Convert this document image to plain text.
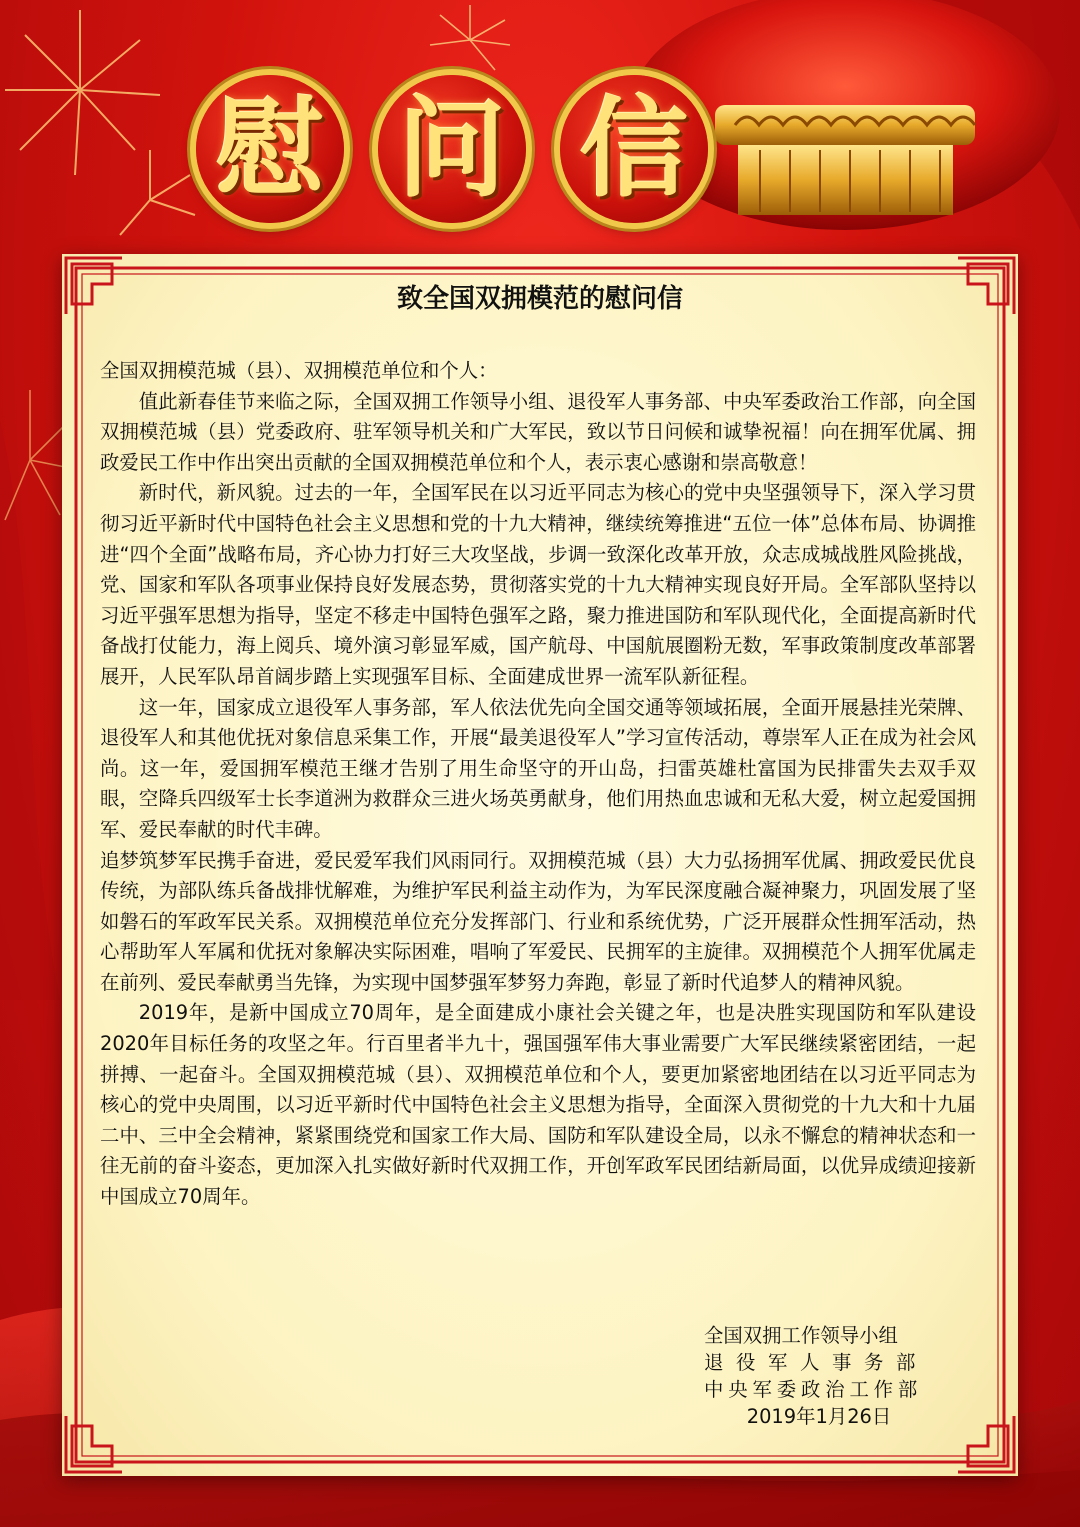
慰 问 信
致全国双拥模范的慰问信

全国双拥模范城（县）、双拥模范单位和个人：

值此新春佳节来临之际，全国双拥工作领导小组、退役军人事务部、中央军委政治工作部，向全国双拥模范城（县）党委政府、驻军领导机关和广大军民，致以节日问候和诚挚祝福！向在拥军优属、拥政爱民工作中作出突出贡献的全国双拥模范单位和个人，表示衷心感谢和崇高敬意！

新时代，新风貌。过去的一年，全国军民在以习近平同志为核心的党中央坚强领导下，深入学习贯彻习近平新时代中国特色社会主义思想和党的十九大精神，继续统筹推进“五位一体”总体布局、协调推进“四个全面”战略布局，齐心协力打好三大攻坚战，步调一致深化改革开放，众志成城战胜风险挑战，党、国家和军队各项事业保持良好发展态势，贯彻落实党的十九大精神实现良好开局。全军部队坚持以习近平强军思想为指导，坚定不移走中国特色强军之路，聚力推进国防和军队现代化，全面提高新时代备战打仗能力，海上阅兵、境外演习彰显军威，国产航母、中国航展圈粉无数，军事政策制度改革部署展开，人民军队昂首阔步踏上实现强军目标、全面建成世界一流军队新征程。

这一年，国家成立退役军人事务部，军人依法优先向全国交通等领域拓展，全面开展悬挂光荣牌、退役军人和其他优抚对象信息采集工作，开展“最美退役军人”学习宣传活动，尊崇军人正在成为社会风尚。这一年，爱国拥军模范王继才告别了用生命坚守的开山岛，扫雷英雄杜富国为民排雷失去双手双眼，空降兵四级军士长李道洲为救群众三进火场英勇献身，他们用热血忠诚和无私大爱，树立起爱国拥军、爱民奉献的时代丰碑。

追梦筑梦军民携手奋进，爱民爱军我们风雨同行。双拥模范城（县）大力弘扬拥军优属、拥政爱民优良传统，为部队练兵备战排忧解难，为维护军民利益主动作为，为军民深度融合凝神聚力，巩固发展了坚如磐石的军政军民关系。双拥模范单位充分发挥部门、行业和系统优势，广泛开展群众性拥军活动，热心帮助军人军属和优抚对象解决实际困难，唱响了军爱民、民拥军的主旋律。双拥模范个人拥军优属走在前列、爱民奉献勇当先锋，为实现中国梦强军梦努力奔跑，彰显了新时代追梦人的精神风貌。

2019年，是新中国成立70周年，是全面建成小康社会关键之年，也是决胜实现国防和军队建设2020年目标任务的攻坚之年。行百里者半九十，强国强军伟大事业需要广大军民继续紧密团结，一起拼搏、一起奋斗。全国双拥模范城（县）、双拥模范单位和个人，要更加紧密地团结在以习近平同志为核心的党中央周围，以习近平新时代中国特色社会主义思想为指导，全面深入贯彻党的十九大和十九届二中、三中全会精神，紧紧围绕党和国家工作大局、国防和军队建设全局，以永不懈怠的精神状态和一往无前的奋斗姿态，更加深入扎实做好新时代双拥工作，开创军政军民团结新局面，以优异成绩迎接新中国成立70周年。

全国双拥工作领导小组
退役军人事务部
中央军委政治工作部
2019年1月26日
